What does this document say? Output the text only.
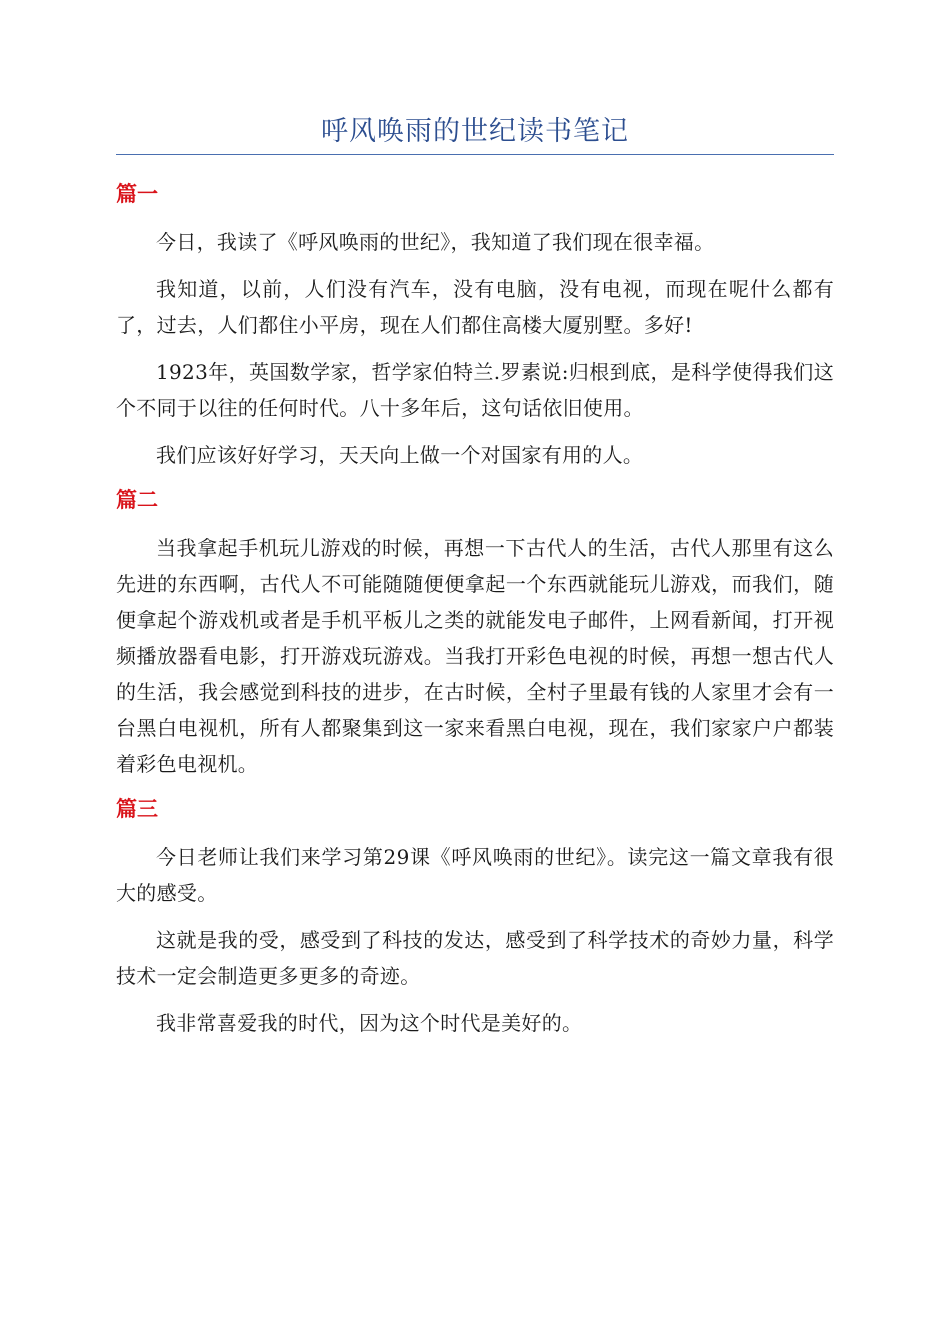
呼风唤雨的世纪读书笔记
篇一

今日，我读了《呼风唤雨的世纪》，我知道了我们现在很幸福。

我知道，以前，人们没有汽车，没有电脑，没有电视，而现在呢什么都有了，过去，人们都住小平房，现在人们都住高楼大厦别墅。多好!

1923年，英国数学家，哲学家伯特兰.罗素说:归根到底，是科学使得我们这个不同于以往的任何时代。八十多年后，这句话依旧使用。

我们应该好好学习，天天向上做一个对国家有用的人。

篇二

当我拿起手机玩儿游戏的时候，再想一下古代人的生活，古代人那里有这么先进的东西啊，古代人不可能随随便便拿起一个东西就能玩儿游戏，而我们，随便拿起个游戏机或者是手机平板儿之类的就能发电子邮件，上网看新闻，打开视频播放器看电影，打开游戏玩游戏。当我打开彩色电视的时候，再想一想古代人的生活，我会感觉到科技的进步，在古时候，全村子里最有钱的人家里才会有一台黑白电视机，所有人都聚集到这一家来看黑白电视，现在，我们家家户户都装着彩色电视机。

篇三

今日老师让我们来学习第29课《呼风唤雨的世纪》。读完这一篇文章我有很大的感受。

这就是我的受，感受到了科技的发达，感受到了科学技术的奇妙力量，科学技术一定会制造更多更多的奇迹。

我非常喜爱我的时代，因为这个时代是美好的。
